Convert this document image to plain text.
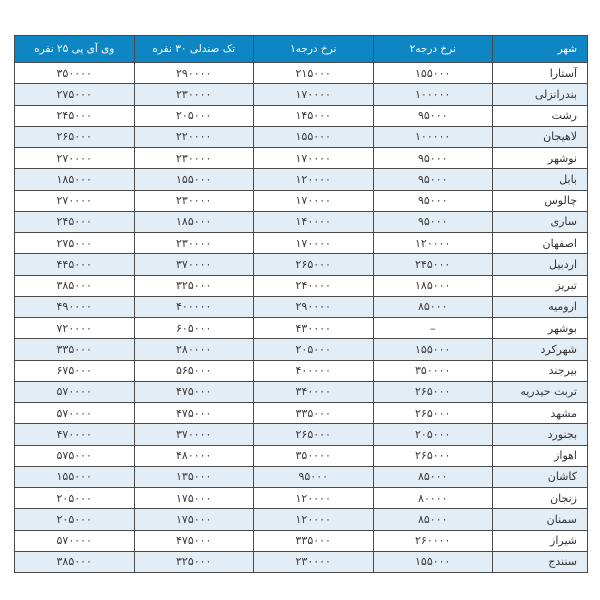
شهر	نرخ درجه۲	نرخ درجه۱	تک صندلی ۳۰ نفره	وی آی پی ۲۵ نفره
آستارا	۱۵۵۰۰۰	۲۱۵۰۰۰	۲۹۰۰۰۰	۳۵۰۰۰۰
بندرانزلی	۱۰۰۰۰۰	۱۷۰۰۰۰	۲۳۰۰۰۰	۲۷۵۰۰۰
رشت	۹۵۰۰۰	۱۴۵۰۰۰	۲۰۵۰۰۰	۲۴۵۰۰۰
لاهیجان	۱۰۰۰۰۰	۱۵۵۰۰۰	۲۲۰۰۰۰	۲۶۵۰۰۰
نوشهر	۹۵۰۰۰	۱۷۰۰۰۰	۲۳۰۰۰۰	۲۷۰۰۰۰
بابل	۹۵۰۰۰	۱۲۰۰۰۰	۱۵۵۰۰۰	۱۸۵۰۰۰
چالوس	۹۵۰۰۰	۱۷۰۰۰۰	۲۳۰۰۰۰	۲۷۰۰۰۰
ساری	۹۵۰۰۰	۱۴۰۰۰۰	۱۸۵۰۰۰	۲۴۵۰۰۰
اصفهان	۱۲۰۰۰۰	۱۷۰۰۰۰	۲۳۰۰۰۰	۲۷۵۰۰۰
اردبیل	۲۴۵۰۰۰	۲۶۵۰۰۰	۳۷۰۰۰۰	۴۴۵۰۰۰
تبریز	۱۸۵۰۰۰	۲۴۰۰۰۰	۳۲۵۰۰۰	۳۸۵۰۰۰
ارومیه	۸۵۰۰۰	۲۹۰۰۰۰	۴۰۰۰۰۰	۴۹۰۰۰۰
بوشهر	–	۴۳۰۰۰۰	۶۰۵۰۰۰	۷۲۰۰۰۰
شهرکرد	۱۵۵۰۰۰	۲۰۵۰۰۰	۲۸۰۰۰۰	۳۳۵۰۰۰
بیرجند	۳۵۰۰۰۰	۴۰۰۰۰۰	۵۶۵۰۰۰	۶۷۵۰۰۰
تربت حیدریه	۲۶۵۰۰۰	۳۴۰۰۰۰	۴۷۵۰۰۰	۵۷۰۰۰۰
مشهد	۲۶۵۰۰۰	۳۳۵۰۰۰	۴۷۵۰۰۰	۵۷۰۰۰۰
بجنورد	۲۰۵۰۰۰	۲۶۵۰۰۰	۳۷۰۰۰۰	۴۷۰۰۰۰
اهواز	۲۶۵۰۰۰	۳۵۰۰۰۰	۴۸۰۰۰۰	۵۷۵۰۰۰
کاشان	۸۵۰۰۰	۹۵۰۰۰	۱۳۵۰۰۰	۱۵۵۰۰۰
زنجان	۸۰۰۰۰	۱۲۰۰۰۰	۱۷۵۰۰۰	۲۰۵۰۰۰
سمنان	۸۵۰۰۰	۱۲۰۰۰۰	۱۷۵۰۰۰	۲۰۵۰۰۰
شیراز	۲۶۰۰۰۰	۳۳۵۰۰۰	۴۷۵۰۰۰	۵۷۰۰۰۰
سنندج	۱۵۵۰۰۰	۲۳۰۰۰۰	۳۲۵۰۰۰	۳۸۵۰۰۰
